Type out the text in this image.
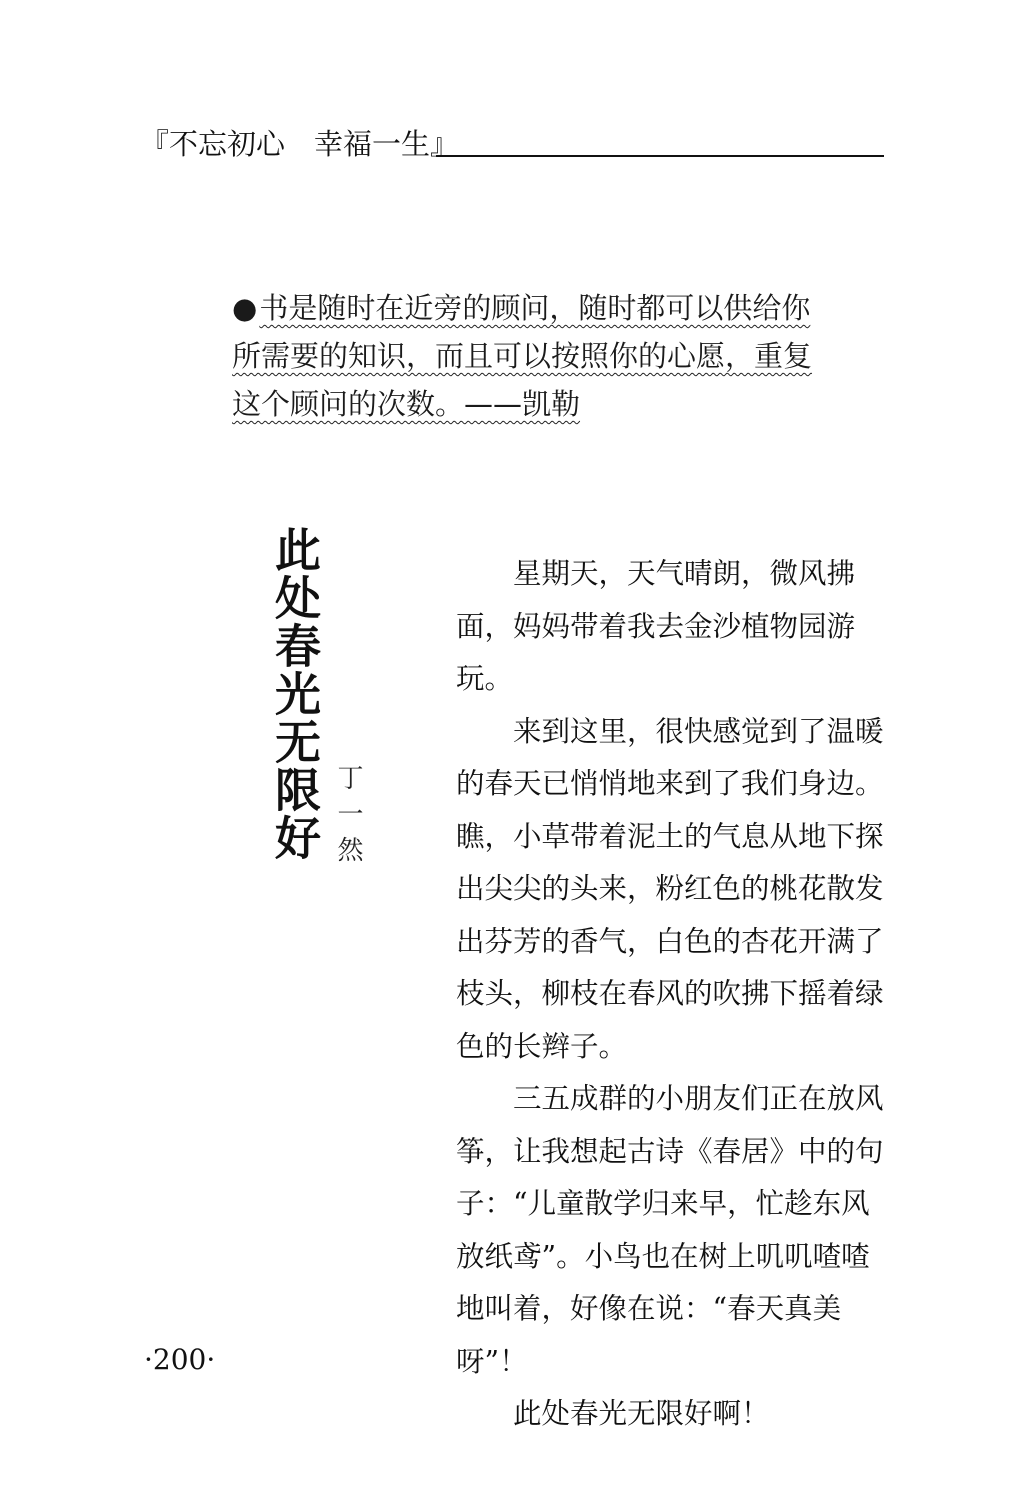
『不忘初心　幸福一生』
●书是随时在近旁的顾问，随时都可以供给你所需要的知识，而且可以按照你的心愿，重复这个顾问的次数。——凯勒
此处春光无限好 丁一然

星期天，天气晴朗，微风拂面，妈妈带着我去金沙植物园游玩。

来到这里，很快感觉到了温暖的春天已悄悄地来到了我们身边。瞧，小草带着泥土的气息从地下探出尖尖的头来，粉红色的桃花散发出芬芳的香气，白色的杏花开满了枝头，柳枝在春风的吹拂下摇着绿色的长辫子。

三五成群的小朋友们正在放风筝，让我想起古诗《春居》中的句子：“儿童散学归来早，忙趁东风放纸鸢”。小鸟也在树上叽叽喳喳地叫着，好像在说：“春天真美呀”！

此处春光无限好啊！

·200·
